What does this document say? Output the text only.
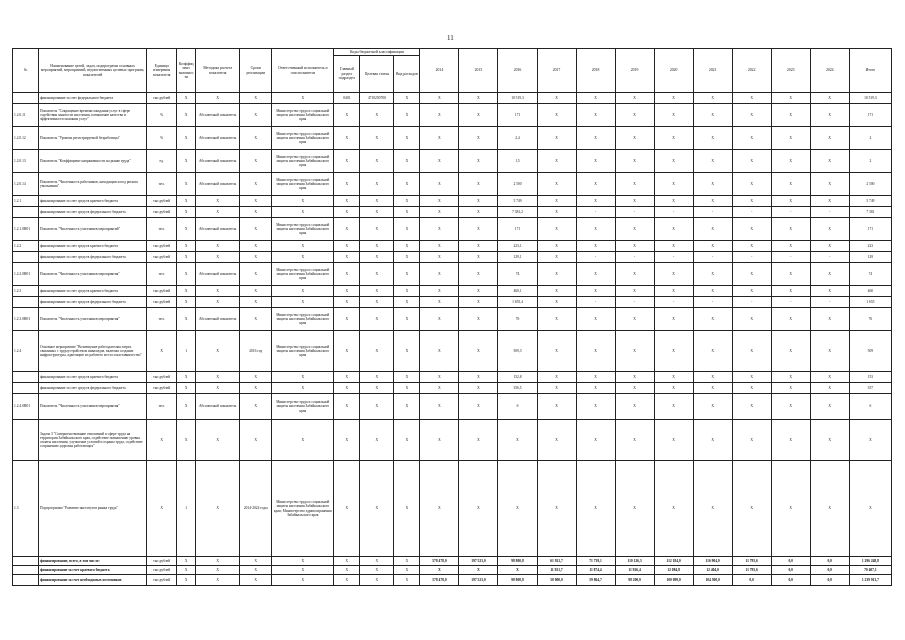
11
№	Наименование целей, задач, подпрограмм основных мероприятий, мероприятий, ведомственных целевых программ, показателей	Единица измерения показателя	Коэффициент значимости	Методика расчета показателя	Сроки реализации	Ответственный исполнитель и соисполнители	Коды бюджетной классификации			2014	2015	2016	2017	2018	2019	2020	2021	2022	2023	2024	Итого
							Главный раздел подраздел	Целевая статья	Вид расходов												
	финансирование за счет федерального бюджета	тыс.рублей	X	X	X	X	0401	4710250700	X	X	X	10 519,3	X	X	X	X	X	X	X	X	10 519,3
1.2.0.11	Показатель "Сокращение времени ожидания услуг в сфере содействия занятости населения, повышение качества и эффективности оказания услуг"	%	X	Абсолютный показатель	X	Министерство труда и социальной защиты населения Забайкальского края	X	X	X	X	X	171	X	X	X	X	X	X	X	X	171
1.2.0.12	Показатель "Уровень регистрируемой безработицы"	%	X	Абсолютный показатель	X	Министерство труда и социальной защиты населения Забайкальского края	X	X	X	X	X	2,4	X	X	X	X	X	X	X	X	2
1.2.0.13	Показатель "Коэффициент напряженности на рынке труда"	ед.	X	Абсолютный показатель	X	Министерство труда и социальной защиты населения Забайкальского края	X	X	X	X	X	1,5	X	X	X	X	X	X	X	X	2
1.2.0.14	Показатель "Численность работников, находящихся под риском увольнения"	чел.	X	Абсолютный показатель	X	Министерство труда и социальной защиты населения Забайкальского края	X	X	X	X	X	2 500	X	X	X	X	X	X	X	X	2 500
1.2.1	финансирование за счет средств краевого бюджета	тыс.рублей	X	X	X	X	X	X	X	X	X	5 749	X	X	X	X	X	X	X	X	5 749
	финансирование за счет средств федерального бюджета	тыс.рублей	X	X	X	X	X	X	X	X	X	7 381,2	X	-	-	-	-	-	-	-	7 381
1.2.1.0Н01	Показатель "Численность участников мероприятий"	чел.	X	Абсолютный показатель	X	Министерство труда и социальной защиты населения Забайкальского края	X	X	X	X	X	171	X	X	X	X	X	X	X	X	171
1.2.2	финансирование за счет средств краевого бюджета	тыс.рублей	X	X	X	X	X	X	X	X	X	223,1	X	X	X	X	X	X	X	X	223
	финансирование за счет средств федерального бюджета	тыс.рублей	X	X	X	X	X	X	X	X	X	129,1	X	-	-	-	-	-	-	-	129
1.2.2.0Н01	Показатель "Численность участников мероприятия"	чел.	X	Абсолютный показатель	X	Министерство труда и социальной защиты населения Забайкальского края	X	X	X	X	X	74	X	X	X	X	X	X	X	X	74
1.2.3	финансирование за счет средств краевого бюджета	тыс.рублей	X	X	X	X	X	X	X	X	X	460,1	X	X	X	X	X	X	X	X	460
	финансирование за счет средств федерального бюджета	тыс.рублей	X	X	X	X	X	X	X	X	X	1 655,4	X	-	-	-	-	-	-	-	1 655
1.2.3.0Н01	Показатель "Численность участников мероприятия"	чел.	X	Абсолютный показатель	X	Министерство труда и социальной защиты населения Забайкальского края	X	X	X	X	X	76	X	X	X	X	X	X	X	X	76
1.2.4	Основное мероприятие "Возмещение работодателям затрат, связанных с трудоустройством инвалидов, включая создание инфраструктуры, адаптацию их рабочего места и наставничество"	X	1	X	2016 год	Министерство труда и социальной защиты населения Забайкальского края	X	X	X	X	X	509,3	X	X	X	X	X	X	X	X	509
	финансирование за счет средств краевого бюджета	тыс.рублей	X	X	X	X	X	X	X	X	X	152,8	X	X	X	X	X	X	X	X	153
	финансирование за счет средств федерального бюджета	тыс.рублей	X	X	X	X	X	X	X	X	X	356,5	X	X	X	X	X	X	X	X	357
1.2.4.0Н01	Показатель "Численность участников мероприятия"	чел.	X	Абсолютный показатель	X	Министерство труда и социальной защиты населения Забайкальского края	X	X	X	X	X	6	X	X	X	X	X	X	X	X	6
	Задача 3 "Совершенствование отношений в сфере труда на территории Забайкальского края, содействие повышению уровня оплаты населения, улучшение условий и охраны труда, содействие сохранению здоровья работающих"	X	X	X	X	X	X	X	X	X	X	X	X	X	X	X	X	X	X	X	X
1.3	Подпрограмма "Развитие институтов рынка труда"	X	1	X	2014-2024 годы	Министерство труда и социальной защиты населения Забайкальского края; Министерство здравоохранения Забайкальского края	X	X	X	X	X	X	X	X	X	X	X	X	X	X	X
	финансирование, всего, в том числе:	тыс.рублей	X	X	X	X	X	X	X	578 478,0	197 523,0	98 800,8	61 921,7	71 739,1	110 126,3	112 184,0	116 904,0	11 795,6	0,0	0,0	1 296 248,8
	финансирование за счет краевого бюджета	тыс.рублей	X	X	X	X	X	X	X	X	X	X	11 921,7	11 874,4	11 926,4	12 084,8	12 404,0	11 795,6	0,0	0,0	70 407,1
	финансирование за счет необходимых источников	тыс.рублей	X	X	X	X	X	X	X	578 478,0	197 523,0	98 800,8	50 000,0	59 864,7	98 200,0	100 099,0	104 500,0	0,0	0,0	0,0	1 239 913,7
